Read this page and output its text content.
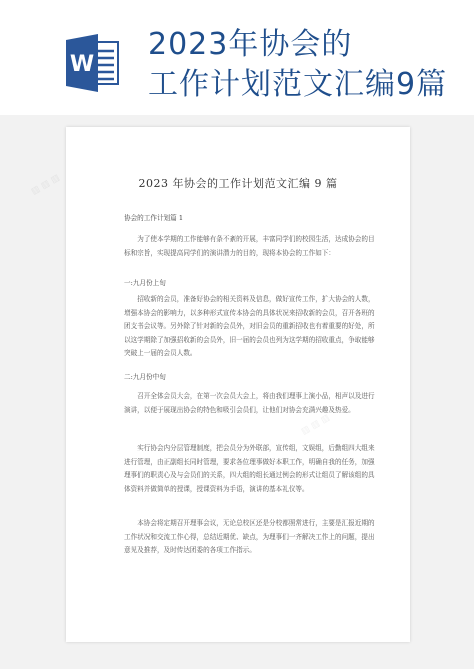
W
2023年协会的
工作计划范文汇编9篇
2023 年协会的工作计划范文汇编 9 篇
协会的工作计划篇 1

为了使本学期的工作能够有条不紊的开展，丰富同学们的校园生活，达成协会的目标和宗旨，实现提高同学们的演讲潜力的目的，现将本协会的工作如下：

一:九月份上旬

招收新的会员，准备好协会的相关资料及信息，做好宣传工作，扩大协会的人数，增强本协会的影响力，以多种形式宣传本协会的具体状况来招收新的会员，召开各班的团支书会议等。另外除了针对新的会员外，对旧会员的重新招收也有着重要的好处，所以这学期除了加强招收新的会员外，旧一届的会员也列为这学期的招收重点，争取能够突破上一届的会员人数。

二:九月份中旬

召开全体会员大会，在第一次会员大会上，将由我们理事上演小品，相声以及进行演讲，以便于展现出协会的特色和吸引会员们，让他们对协会充满兴趣及热爱。

实行协会内分层管理制度，把会员分为外联部，宣传组，文娱组，后勤组四大组来进行管理，由正副组长同时管理，要求各位理事做好本职工作，明确自我的任务，加强理事们的职责心及与会员们的关系，四大组的组长通过例会的形式让组员了解该组的具体资料并做简单的授课，授课资料为手语，演讲的基本礼仪等。

本协会将定期召开理事会议，无论总校区还是分校都照常进行，主要是汇报近期的工作状况和交流工作心得，总结近期优、缺点，为理事们一齐解决工作上的问题，提出意见及推荐，及时传达团委的各项工作指示。

▨ ▨ ▨
▨ ▨ ▨
